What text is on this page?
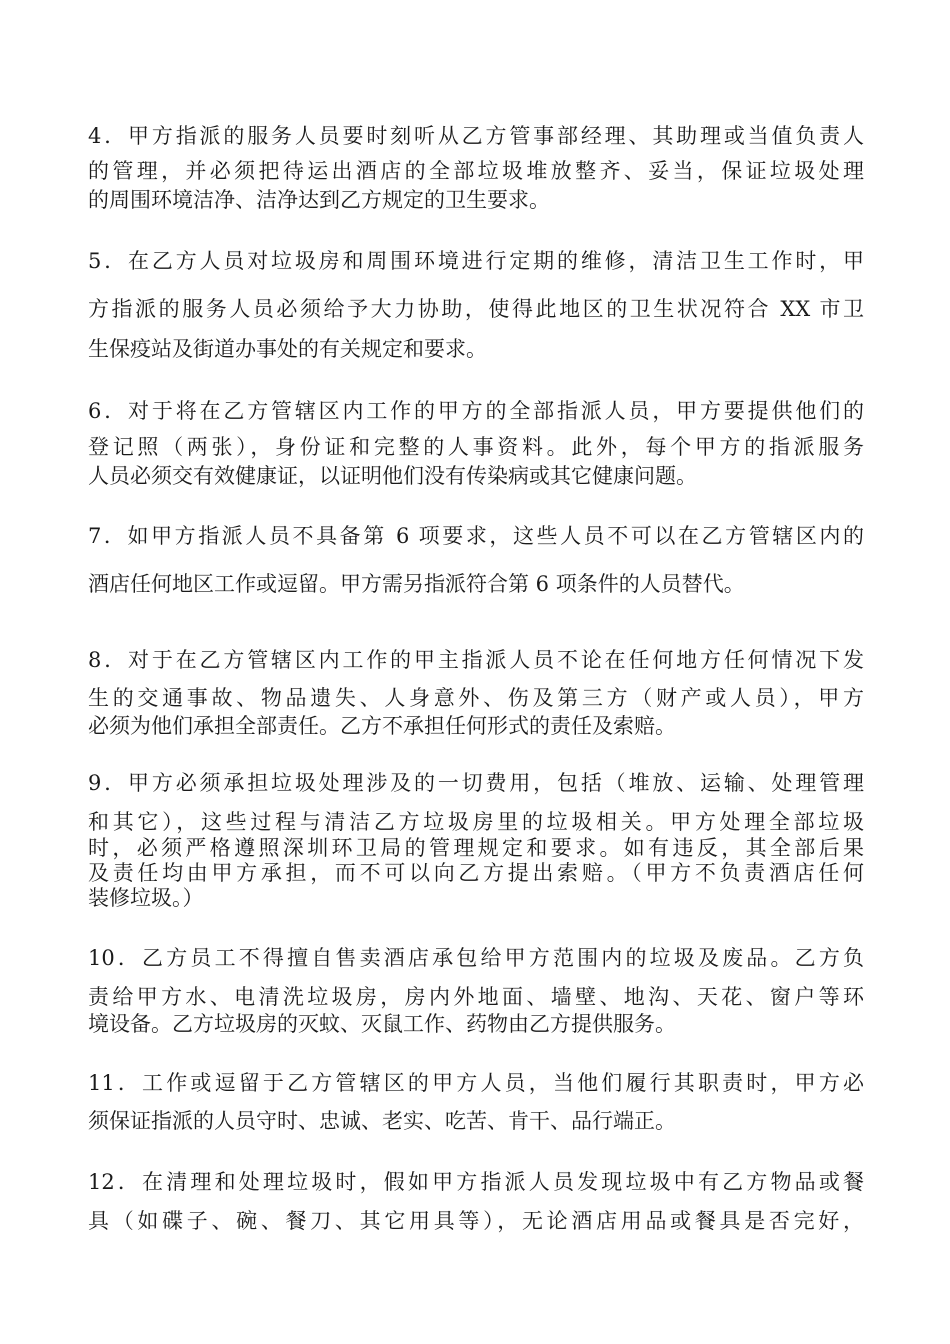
4．甲方指派的服务人员要时刻听从乙方管事部经理、其助理或当值负责人
的管理，并必须把待运出酒店的全部垃圾堆放整齐、妥当，保证垃圾处理
的周围环境洁净、洁净达到乙方规定的卫生要求。
5．在乙方人员对垃圾房和周围环境进行定期的维修，清洁卫生工作时，甲
方指派的服务人员必须给予大力协助，使得此地区的卫生状况符合 XX 市卫
生保疫站及街道办事处的有关规定和要求。
6．对于将在乙方管辖区内工作的甲方的全部指派人员，甲方要提供他们的
登记照（两张），身份证和完整的人事资料。此外，每个甲方的指派服务
人员必须交有效健康证，以证明他们没有传染病或其它健康问题。
7．如甲方指派人员不具备第 6 项要求，这些人员不可以在乙方管辖区内的
酒店任何地区工作或逗留。甲方需另指派符合第 6 项条件的人员替代。
8．对于在乙方管辖区内工作的甲主指派人员不论在任何地方任何情况下发
生的交通事故、物品遗失、人身意外、伤及第三方（财产或人员），甲方
必须为他们承担全部责任。乙方不承担任何形式的责任及索赔。
9．甲方必须承担垃圾处理涉及的一切费用，包括（堆放、运输、处理管理
和其它），这些过程与清洁乙方垃圾房里的垃圾相关。甲方处理全部垃圾
时，必须严格遵照深圳环卫局的管理规定和要求。如有违反，其全部后果
及责任均由甲方承担，而不可以向乙方提出索赔。（甲方不负责酒店任何
装修垃圾。）
10．乙方员工不得擅自售卖酒店承包给甲方范围内的垃圾及废品。乙方负
责给甲方水、电清洗垃圾房，房内外地面、墙壁、地沟、天花、窗户等环
境设备。乙方垃圾房的灭蚊、灭鼠工作、药物由乙方提供服务。
11．工作或逗留于乙方管辖区的甲方人员，当他们履行其职责时，甲方必
须保证指派的人员守时、忠诚、老实、吃苦、肯干、品行端正。
12．在清理和处理垃圾时，假如甲方指派人员发现垃圾中有乙方物品或餐
具（如碟子、碗、餐刀、其它用具等），无论酒店用品或餐具是否完好，
